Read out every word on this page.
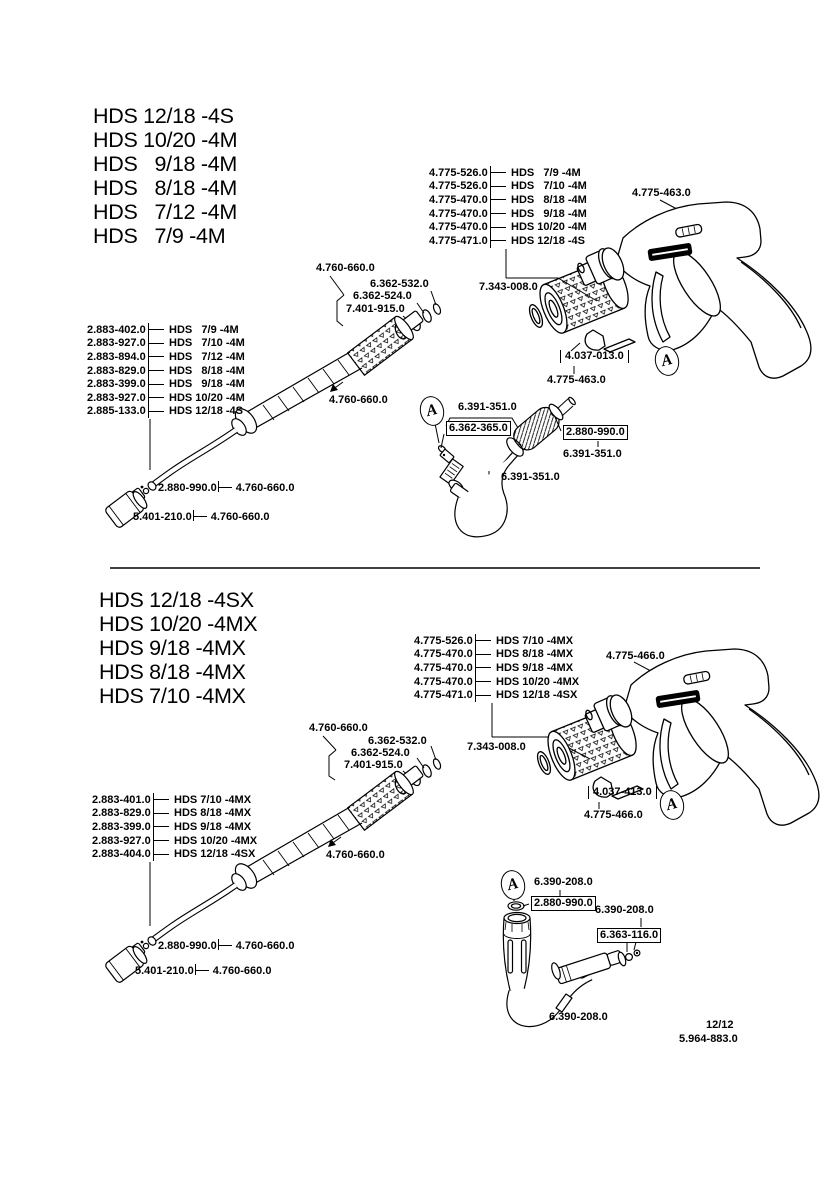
HDS 12/18 -4S
HDS 10/20 -4M
HDS   9/18 -4M
HDS   8/18 -4M
HDS   7/12 -4M
HDS   7/9 -4M
4.775-526.0 HDS   7/9 -4M
4.775-526.0 HDS   7/10 -4M
4.775-470.0 HDS   8/18 -4M
4.775-470.0 HDS   9/18 -4M
4.775-470.0 HDS 10/20 -4M
4.775-471.0 HDS 12/18 -4S
4.775-463.0
4.760-660.0
6.362-532.0
6.362-524.0
7.401-915.0
7.343-008.0
2.883-402.0 HDS   7/9 -4M
2.883-927.0 HDS   7/10 -4M
2.883-894.0 HDS   7/12 -4M
2.883-829.0 HDS   8/18 -4M
2.883-399.0 HDS   9/18 -4M
2.883-927.0 HDS 10/20 -4M
2.885-133.0 HDS 12/18 -4S
4.760-660.0
4.037-013.0
4.775-463.0
A
A 6.391-351.0
6.362-365.0	2.880-990.0
6.391-351.0
6.391-351.0
2.880-990.0 4.760-660.0
5.401-210.0 4.760-660.0
HDS 12/18 -4SX
HDS 10/20 -4MX
HDS 9/18 -4MX
HDS 8/18 -4MX
HDS 7/10 -4MX
4.775-526.0 HDS 7/10 -4MX
4.775-470.0 HDS 8/18 -4MX
4.775-470.0 HDS 9/18 -4MX
4.775-470.0 HDS 10/20 -4MX
4.775-471.0 HDS 12/18 -4SX
4.775-466.0
4.760-660.0
6.362-532.0
6.362-524.0
7.401-915.0
7.343-008.0
2.883-401.0 HDS 7/10 -4MX
2.883-829.0 HDS 8/18 -4MX
2.883-399.0 HDS 9/18 -4MX
2.883-927.0 HDS 10/20 -4MX
2.883-404.0 HDS 12/18 -4SX	4.760-660.0
4.037-413.0
4.775-466.0
A
A 6.390-208.0
2.880-990.0
6.390-208.0
6.363-116.0
6.390-208.0
2.880-990.0 4.760-660.0
5.401-210.0 4.760-660.0
12/12
5.964-883.0
